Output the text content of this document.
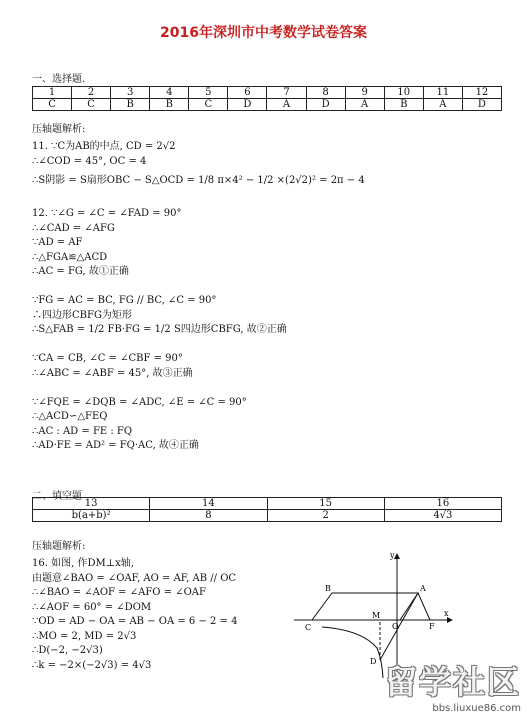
2016年深圳市中考数学试卷答案
一、选择题.
1	2	3	4	5	6	7	8	9	10	11	12
C	C	B	B	C	D	A	D	A	B	A	D
压轴题解析:
11. ∵C为AB的中点, CD = 2√2
∴∠COD = 45°, OC = 4
∴S阴影 = S扇形OBC − S△OCD = 1/8 π×4² − 1/2 ×(2√2)² = 2π − 4
12. ∵∠G = ∠C = ∠FAD = 90°
∴∠CAD = ∠AFG
∵AD = AF
∴△FGA≌△ACD
∴AC = FG, 故①正确
∵FG = AC = BC, FG // BC, ∠C = 90°
∴四边形CBFG为矩形
∴S△FAB = 1/2 FB·FG = 1/2 S四边形CBFG, 故②正确
∵CA = CB, ∠C = ∠CBF = 90°
∴∠ABC = ∠ABF = 45°, 故③正确
∵∠FQE = ∠DQB = ∠ADC, ∠E = ∠C = 90°
∴△ACD∽△FEQ
∴AC : AD = FE : FQ
∴AD·FE = AD² = FQ·AC, 故④正确
二、填空题
13	14	15	16
b(a+b)²	8	2	4√3
压轴题解析:
16. 如图, 作DM⊥x轴,
由题意∠BAO = ∠OAF, AO = AF, AB // OC
∴∠BAO = ∠AOF = ∠AFO = ∠OAF
∴∠AOF = 60° = ∠DOM
∵OD = AD − OA = AB − OA = 6 − 2 = 4
∴MO = 2, MD = 2√3
∴D(−2, −2√3)
∴k = −2×(−2√3) = 4√3
y
x
A
B
C
M
O	F
D
留学社区
bbs.liuxue86.com
